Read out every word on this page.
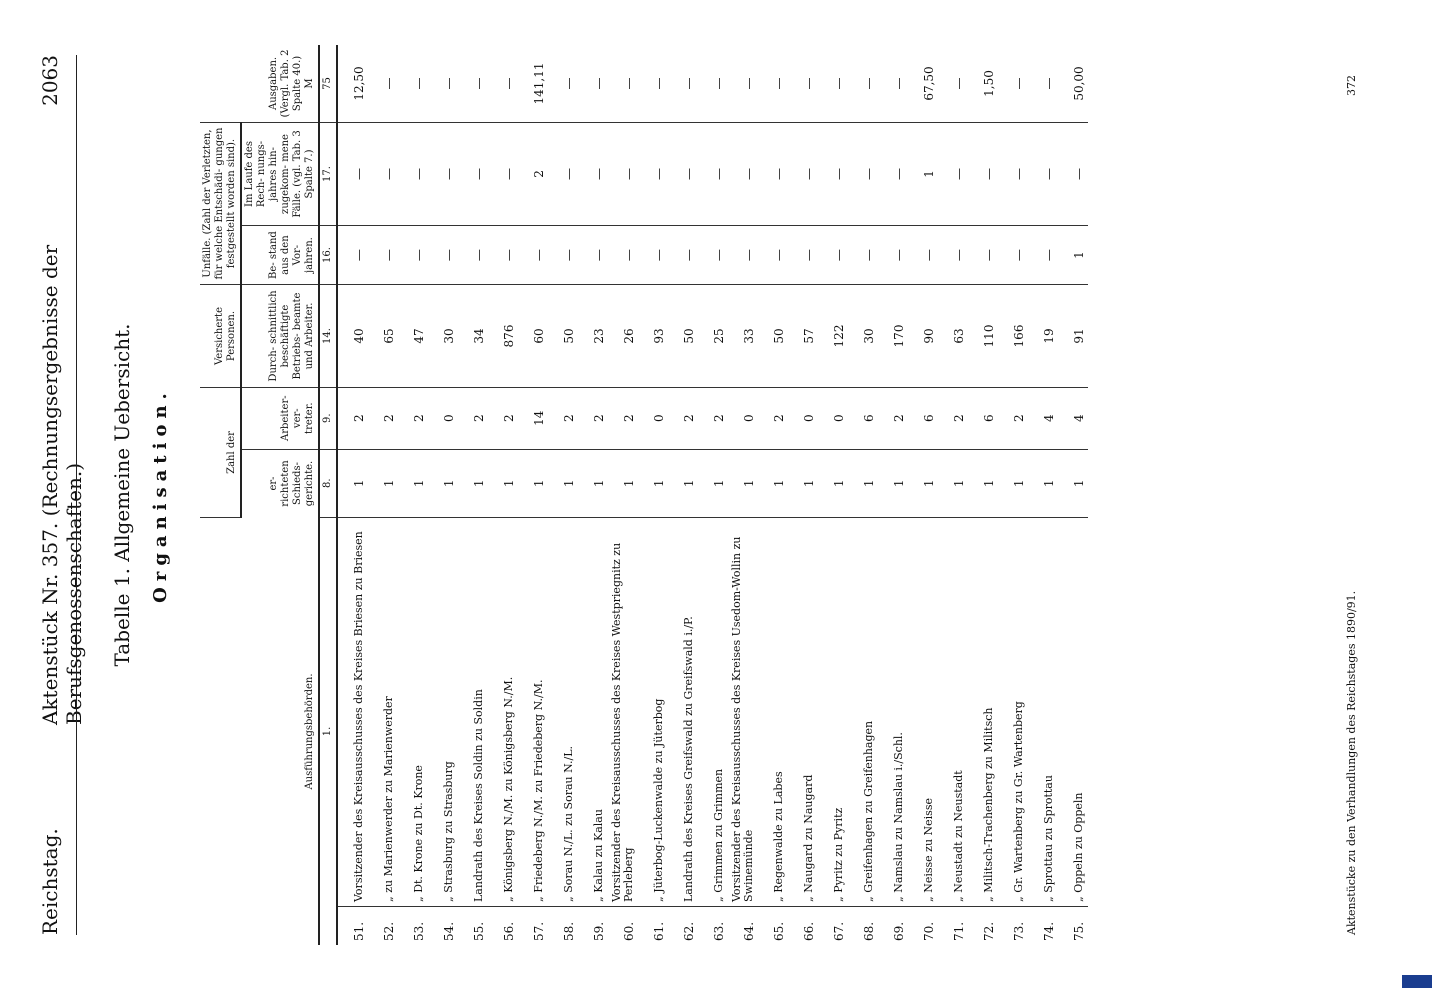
Reichstag.
Aktenstück Nr. 357. (Rechnungsergebnisse der Berufsgenossenschaften.)
2063
Tabelle 1. Allgemeine Uebersicht. Organisation.
Ausführungsbehörden.		Zahl der		Versicherte Personen.	Unfälle. (Zahl der Verletzten, für welche Entschädi- gungen festgestellt worden sind).		Ausgaben. (Vergl. Tab. 2 Spalte 40.)
M
		er- richteten Schieds- gerichte.	Arbeiter- ver- treter.	Durch- schnittlich beschäftigte Betriebs- beamte und Arbeiter.	Be- stand aus den Vor- jahren.	Im Laufe des Rech- nungs- jahres hin- zugekom- mene Fälle. (vgl. Tab. 3 Spalte 7.)	
1.		8.	9.	14.	16.	17.	75
51.	Vorsitzender des Kreisausschusses des Kreises Briesen zu Briesen	1	2	40	—	—	12,50
52.	„ zu Marienwerder zu Marienwerder	1	2	65	—	—	—
53.	„ Dt. Krone zu Dt. Krone	1	2	47	—	—	—
54.	„ Strasburg zu Strasburg	1	0	30	—	—	—
55.	Landrath des Kreises Soldin zu Soldin	1	2	34	—	—	—
56.	„ Königsberg N./M. zu Königsberg N./M.	1	2	876	—	—	—
57.	„ Friedeberg N./M. zu Friedeberg N./M.	1	14	60	—	2	141,11
58.	„ Sorau N./L. zu Sorau N./L.	1	2	50	—	—	—
59.	„ Kalau zu Kalau	1	2	23	—	—	—
60.	Vorsitzender des Kreisausschusses des Kreises Westpriegnitz zu Perleberg	1	2	26	—	—	—
61.	„ Jüterbog-Luckenwalde zu Jüterbog	1	0	93	—	—	—
62.	Landrath des Kreises Greifswald zu Greifswald i./P.	1	2	50	—	—	—
63.	„ Grimmen zu Grimmen	1	2	25	—	—	—
64.	Vorsitzender des Kreisausschusses des Kreises Usedom-Wollin zu Swinemünde	1	0	33	—	—	—
65.	„ Regenwalde zu Labes	1	2	50	—	—	—
66.	„ Naugard zu Naugard	1	0	57	—	—	—
67.	„ Pyritz zu Pyritz	1	0	122	—	—	—
68.	„ Greifenhagen zu Greifenhagen	1	6	30	—	—	—
69.	„ Namslau zu Namslau i./Schl.	1	2	170	—	—	—
70.	„ Neisse zu Neisse	1	6	90	—	1	67,50
71.	„ Neustadt zu Neustadt	1	2	63	—	—	—
72.	„ Militsch-Trachenberg zu Militsch	1	6	110	—	—	1,50
73.	„ Gr. Wartenberg zu Gr. Wartenberg	1	2	166	—	—	—
74.	„ Sprottau zu Sprottau	1	4	19	—	—	—
75.	„ Oppeln zu Oppeln	1	4	91	1	—	50,00
Aktenstücke zu den Verhandlungen des Reichstages 1890/91.
372
